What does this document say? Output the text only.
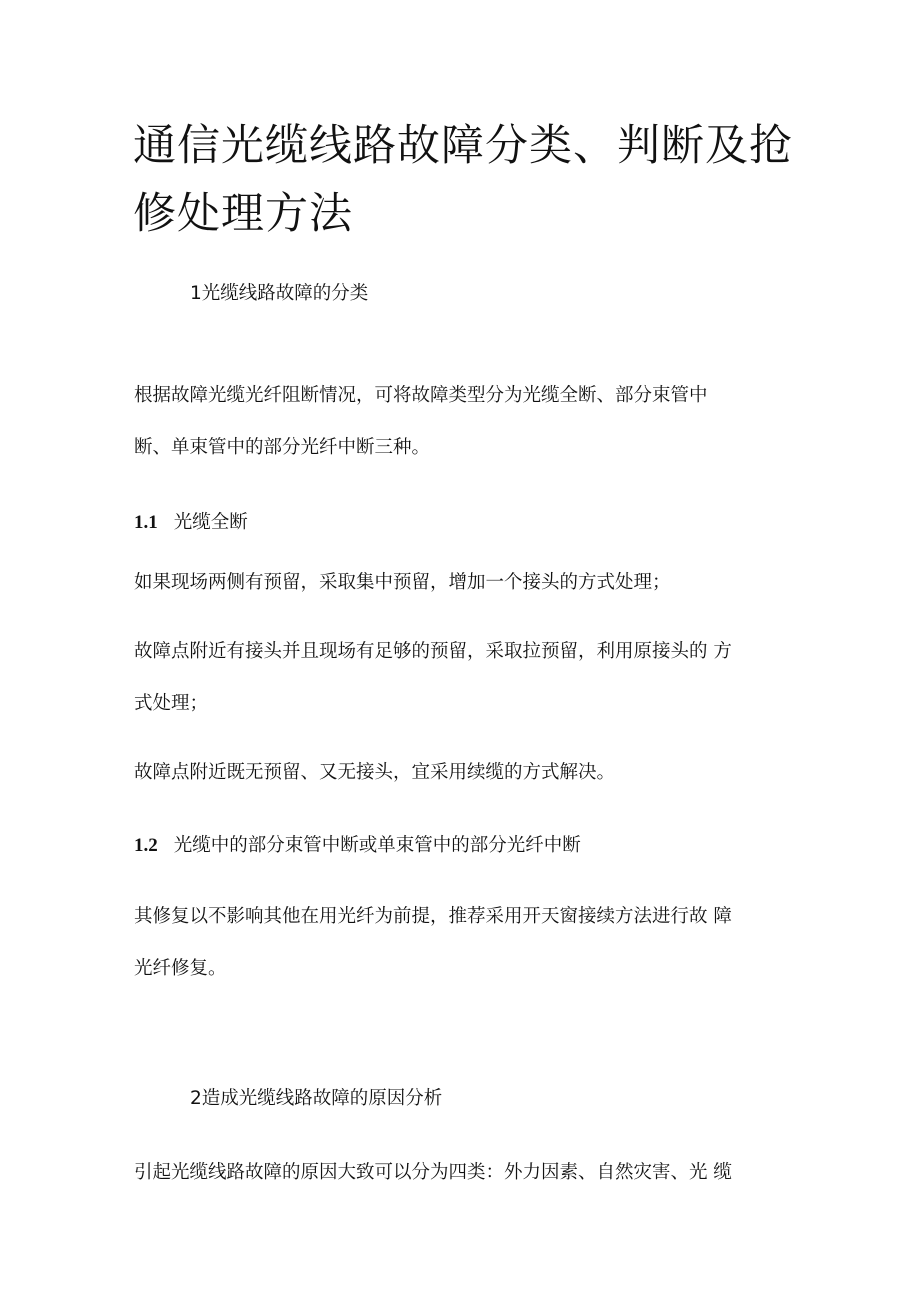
通信光缆线路故障分类、判断及抢
修处理方法
1光缆线路故障的分类

根据故障光缆光纤阻断情况，可将故障类型分为光缆全断、部分束管中
断、单束管中的部分光纤中断三种。

1.1 光缆全断

如果现场两侧有预留，采取集中预留，增加一个接头的方式处理；

故障点附近有接头并且现场有足够的预留，采取拉预留，利用原接头的 方
式处理；

故障点附近既无预留、又无接头，宜采用续缆的方式解决。

1.2 光缆中的部分束管中断或单束管中的部分光纤中断

其修复以不影响其他在用光纤为前提，推荐采用开天窗接续方法进行故 障
光纤修复。

2造成光缆线路故障的原因分析

引起光缆线路故障的原因大致可以分为四类：外力因素、自然灾害、光 缆
